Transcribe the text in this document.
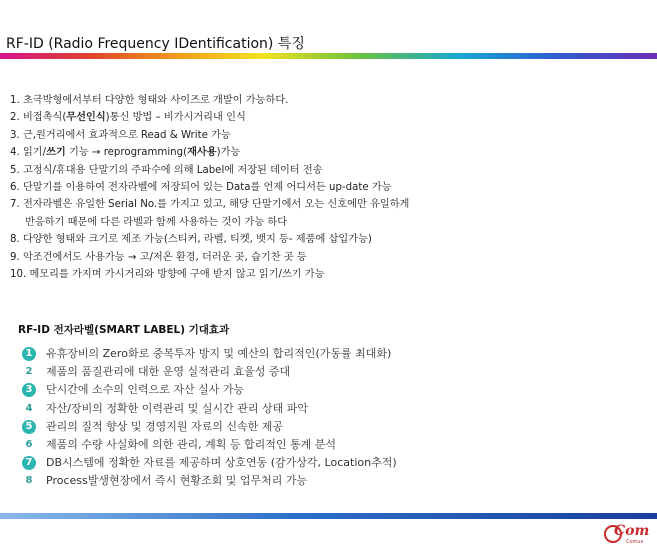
RF-ID (Radio Frequency IDentification) 특징
1. 초극박형에서부터 다양한 형태와 사이즈로 개발이 가능하다.
2. 비접촉식(무선인식)통신 방법 – 비가시거리내 인식
3. 근,원거리에서 효과적으로 Read & Write 가능
4. 읽기/쓰기 기능 → reprogramming(재사용)가능
5. 고정식/휴대용 단말기의 주파수에 의해 Label에 저장된 데이터 전송
6. 단말기를 이용하여 전자라벨에 저장되어 있는 Data를 언제 어디서든 up-date 가능
7. 전자라벨은 유일한 Serial No.를 가지고 있고, 해당 단말기에서 오는 신호에만 유일하게
반응하기 때문에 다른 라벨과 함께 사용하는 것이 가능 하다
8. 다양한 형태와 크기로 제조 가능(스티커, 라벨, 티켓, 뱃지 등- 제품에 삽입가능)
9. 악조건에서도 사용가능 → 고/저온 환경, 더러운 곳, 습기찬 곳 등
10. 메모리를 가지며 가시거리와 방향에 구애 받지 않고 읽기/쓰기 가능
RF-ID 전자라벨(SMART LABEL) 기대효과
1	유휴장비의 Zero화로 중복투자 방지 및 예산의 합리적인(가동률 최대화)
2	제품의 품질관리에 대한 운영 실적관리 효율성 증대
3	단시간에 소수의 인력으로 자산 실사 가능
4	자산/장비의 정확한 이력관리 및 실시간 관리 상태 파악
5	관리의 질적 향상 및 경영지원 자료의 신속한 제공
6	제품의 수량 사실화에 의한 관리, 계획 등 합리적인 통계 분석
7	DB시스템에 정확한 자료를 제공하며 상호연동 (감가상각, Location추적)
8	Process발생현장에서 즉시 현황조회 및 업무처리 가능
Com
Comus
